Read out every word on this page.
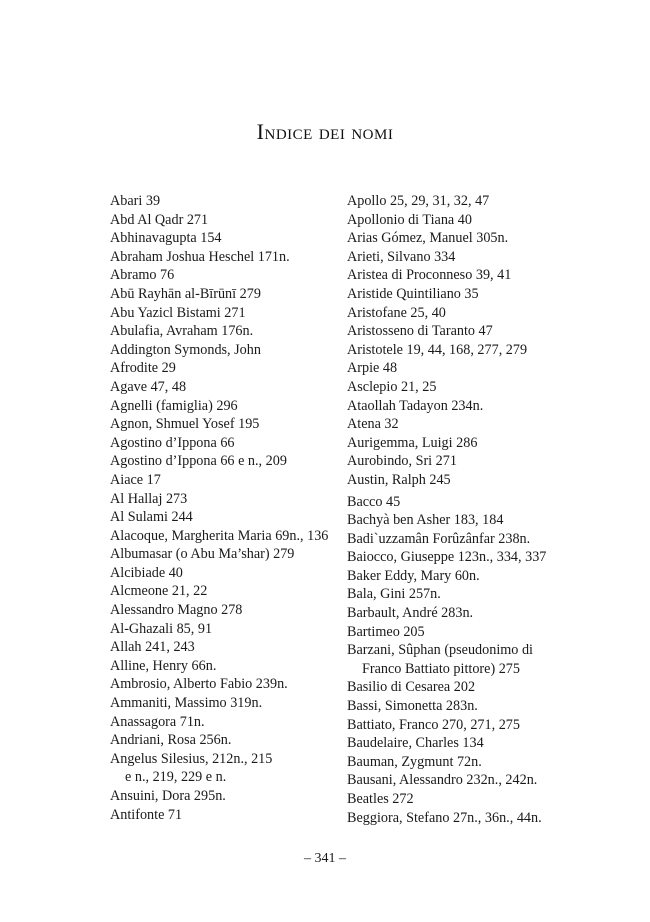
Indice dei nomi
Abari 39
Abd Al Qadr 271
Abhinavagupta 154
Abraham Joshua Heschel 171n.
Abramo 76
Abū Rayhān al-Bīrūnī 279
Abu Yazicl Bistami 271
Abulafia, Avraham 176n.
Addington Symonds, John
Afrodite 29
Agave 47, 48
Agnelli (famiglia) 296
Agnon, Shmuel Yosef 195
Agostino d’Ippona 66
Agostino d’Ippona 66 e n., 209
Aiace 17
Al Hallaj 273
Al Sulami 244
Alacoque, Margherita Maria 69n., 136
Albumasar (o Abu Ma’shar) 279
Alcibiade 40
Alcmeone 21, 22
Alessandro Magno 278
Al-Ghazali 85, 91
Allah 241, 243
Alline, Henry 66n.
Ambrosio, Alberto Fabio 239n.
Ammaniti, Massimo 319n.
Anassagora 71n.
Andriani, Rosa 256n.
Angelus Silesius, 212n., 215
e n., 219, 229 e n.
Ansuini, Dora 295n.
Antifonte 71
Apollo 25, 29, 31, 32, 47
Apollonio di Tiana 40
Arias Gómez, Manuel 305n.
Arieti, Silvano 334
Aristea di Proconneso 39, 41
Aristide Quintiliano 35
Aristofane 25, 40
Aristosseno di Taranto 47
Aristotele 19, 44, 168, 277, 279
Arpie 48
Asclepio 21, 25
Ataollah Tadayon 234n.
Atena 32
Aurigemma, Luigi 286
Aurobindo, Sri 271
Austin, Ralph 245
Bacco 45
Bachyà ben Asher 183, 184
Badi`uzzamân Forûzânfar 238n.
Baiocco, Giuseppe 123n., 334, 337
Baker Eddy, Mary 60n.
Bala, Gini 257n.
Barbault, André 283n.
Bartimeo 205
Barzani, Sûphan (pseudonimo di
Franco Battiato pittore) 275
Basilio di Cesarea 202
Bassi, Simonetta 283n.
Battiato, Franco 270, 271, 275
Baudelaire, Charles 134
Bauman, Zygmunt 72n.
Bausani, Alessandro 232n., 242n.
Beatles 272
Beggiora, Stefano 27n., 36n., 44n.
– 341 –
